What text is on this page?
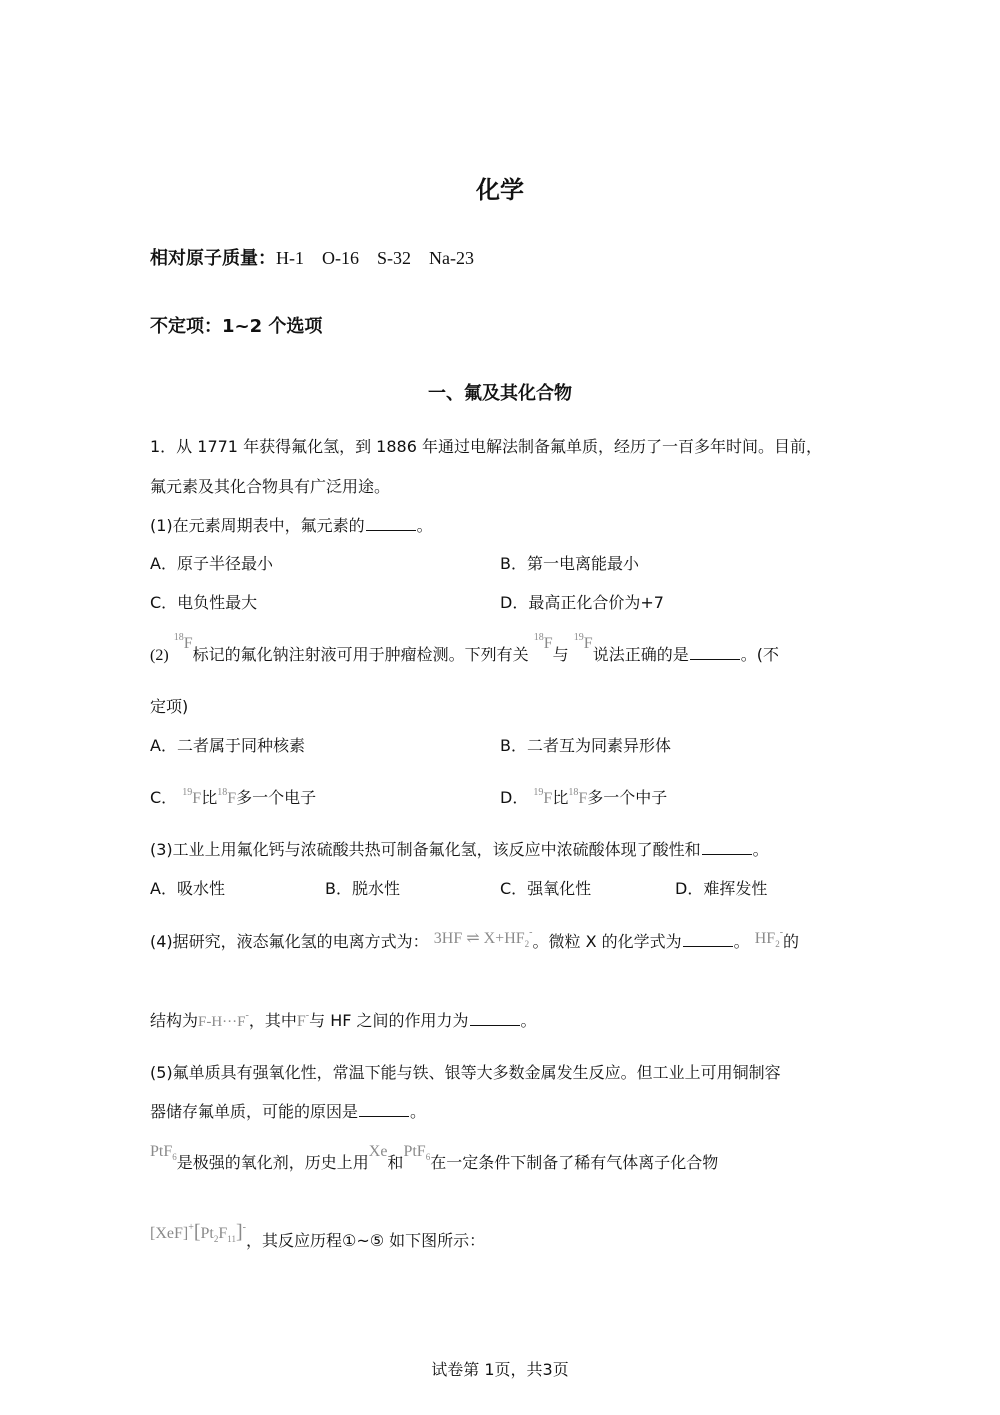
化学
相对原子质量：H-1　O-16　S-32　Na-23
不定项：1~2 个选项
一、氟及其化合物
1．从 1771 年获得氟化氢，到 1886 年通过电解法制备氟单质，经历了一百多年时间。目前，
氟元素及其化合物具有广泛用途。
(1)在元素周期表中，氟元素的	。
A．原子半径最小	B．第一电离能最小
C．电负性最大	D．最高正化合价为+7
(2) $^{18}$F标记的氟化钠注射液可用于肿瘤检测。下列有关 $^{18}$F与 $^{19}$F说法正确的是	。(不
定项)
A．二者属于同种核素	B．二者互为同素异形体
C． $^{19}$F比$^{18}$F多一个电子	D． $^{19}$F比$^{18}$F多一个中子
(3)工业上用氟化钙与浓硫酸共热可制备氟化氢，该反应中浓硫酸体现了酸性和	。
A．吸水性	B．脱水性	C．强氧化性	D．难挥发性
(4)据研究，液态氟化氢的电离方式为： 3HF ⇌ $X+HF_2^-$。微粒 X 的化学式为	。 $HF_2^-$的
结构为F-H···F-，其中F-与 HF 之间的作用力为	。
(5)氟单质具有强氧化性，常温下能与铁、银等大多数金属发生反应。但工业上可用铜制容
器储存氟单质，可能的原因是	。
PtF$_6$是极强的氧化剂，历史上用Xe和PtF$_6$在一定条件下制备了稀有气体离子化合物
$[XeF]^+[Pt_2F_{11}]^-$，其反应历程①~⑤ 如下图所示：
试卷第 1页，共3页
